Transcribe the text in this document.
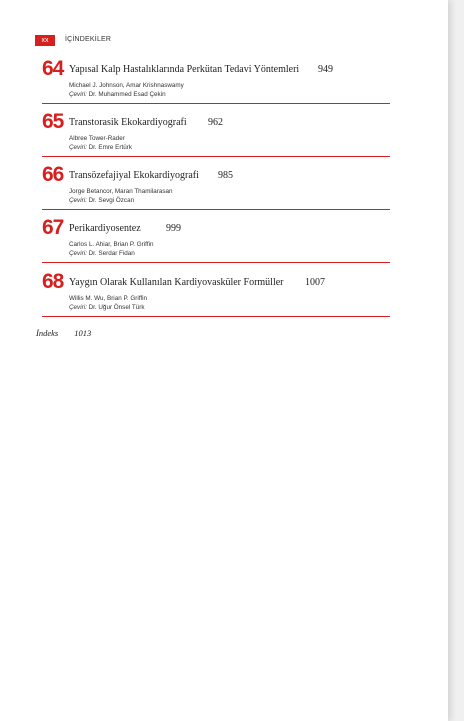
xx	İÇİNDEKİLER
64 Yapısal Kalp Hastalıklarında Perkütan Tedavi Yöntemleri 949
Michael J. Johnson, Amar Krishnaswamy
Çeviri: Dr. Muhammed Esad Çekin
65 Transtorasik Ekokardiyografi 962
Albree Tower-Rader
Çeviri: Dr. Emre Ertürk
66 Transözefajiyal Ekokardiyografi 985
Jorge Betancor, Maran Thamilarasan
Çeviri: Dr. Sevgi Özcan
67 Perikardiyosentez	999
Carlos L. Ahiar, Brian P. Griffin
Çeviri: Dr. Serdar Fidan
68 Yaygın Olarak Kullanılan Kardiyovasküler Formüller 1007
Willis M. Wu, Brian P. Griffin
Çeviri: Dr. Uğur Önsel Türk
İndeks 1013
